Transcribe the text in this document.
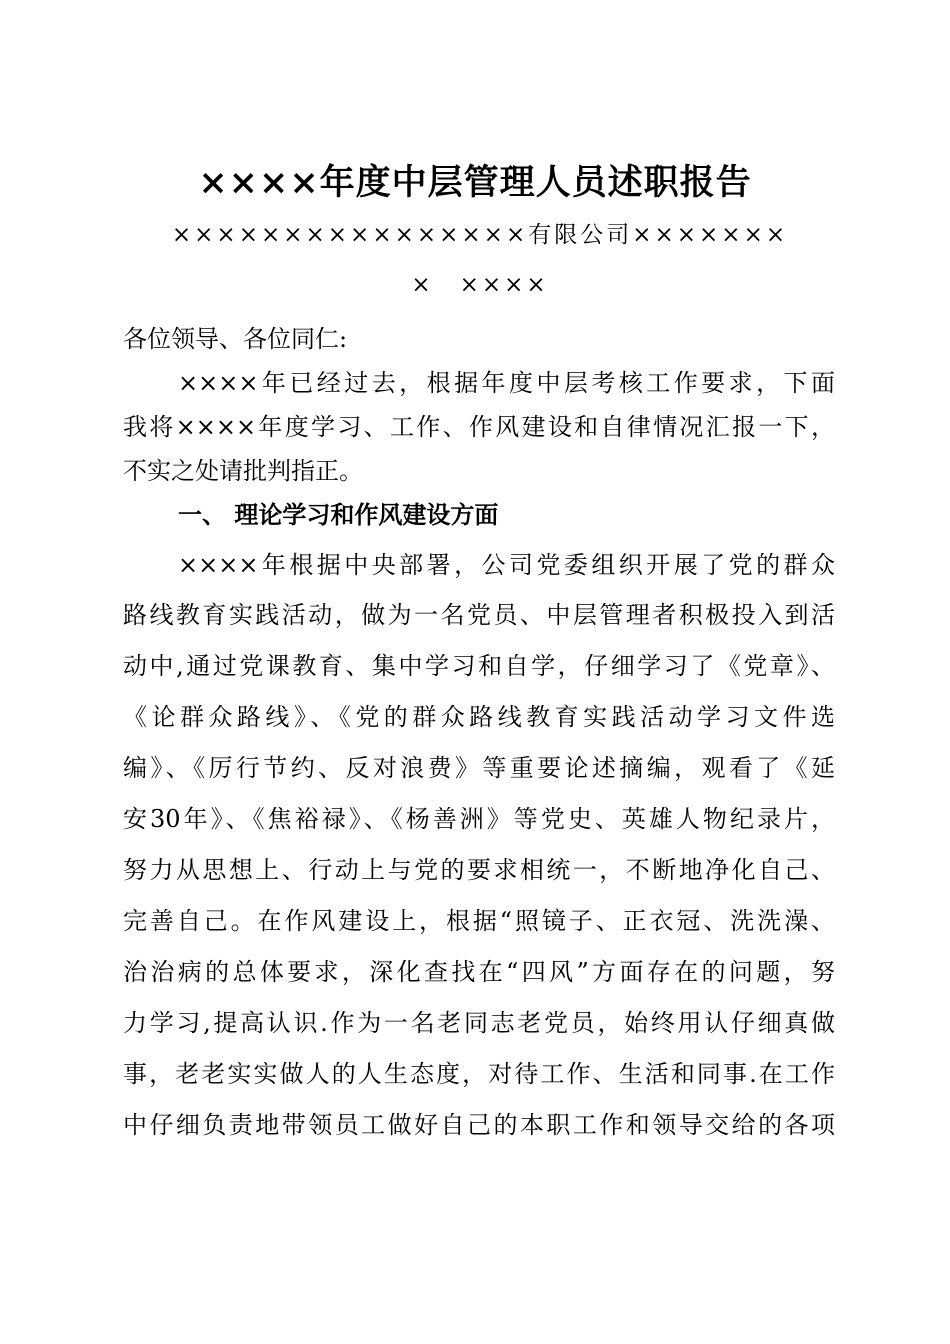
××××年度中层管理人员述职报告
××××××××××××××××有限公司×××××××
×　××××
各位领导、各位同仁:
××××年已经过去，根据年度中层考核工作要求，下面
我将××××年度学习、工作、作风建设和自律情况汇报一下，
不实之处请批判指正。
一、 理论学习和作风建设方面
××××年根据中央部署，公司党委组织开展了党的群众
路线教育实践活动，做为一名党员、中层管理者积极投入到活
动中,通过党课教育、集中学习和自学，仔细学习了《党章》、
《论群众路线》、《党的群众路线教育实践活动学习文件选
编》、《厉行节约、反对浪费》等重要论述摘编，观看了《延
安30年》、《焦裕禄》、《杨善洲》等党史、英雄人物纪录片，
努力从思想上、行动上与党的要求相统一，不断地净化自己、
完善自己。在作风建设上，根据“照镜子、正衣冠、洗洗澡、
治治病的总体要求，深化查找在“四风”方面存在的问题，努
力学习,提高认识.作为一名老同志老党员，始终用认仔细真做
事，老老实实做人的人生态度，对待工作、生活和同事.在工作
中仔细负责地带领员工做好自己的本职工作和领导交给的各项
